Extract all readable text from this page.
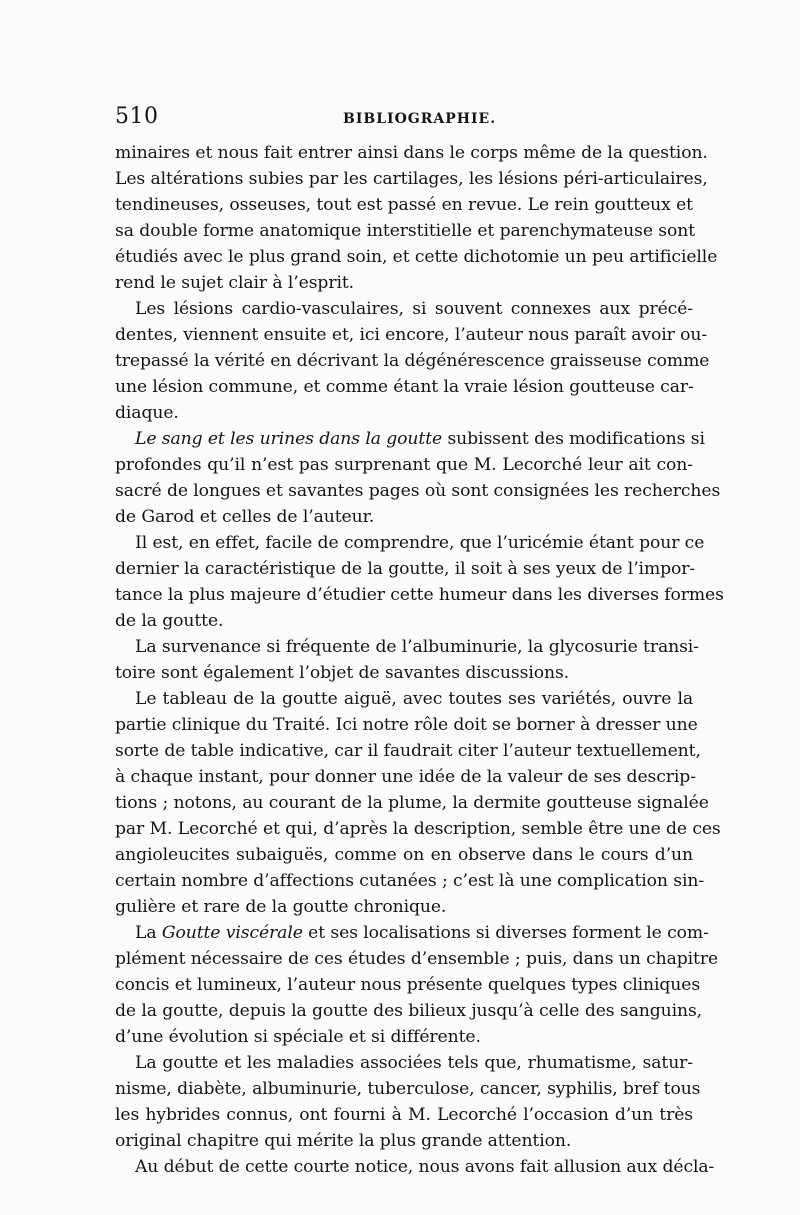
510	BIBLIOGRAPHIE.
minaires et nous fait entrer ainsi dans le corps même de la question.
Les altérations subies par les cartilages, les lésions péri-articulaires,
tendineuses, osseuses, tout est passé en revue. Le rein goutteux et
sa double forme anatomique interstitielle et parenchymateuse sont
étudiés avec le plus grand soin, et cette dichotomie un peu artificielle
rend le sujet clair à l’esprit.
Les lésions cardio-vasculaires, si souvent connexes aux précé-
dentes, viennent ensuite et, ici encore, l’auteur nous paraît avoir ou-
trepassé la vérité en décrivant la dégénérescence graisseuse comme
une lésion commune, et comme étant la vraie lésion goutteuse car-
diaque.
Le sang et les urines dans la goutte subissent des modifications si
profondes qu’il n’est pas surprenant que M. Lecorché leur ait con-
sacré de longues et savantes pages où sont consignées les recherches
de Garod et celles de l’auteur.
Il est, en effet, facile de comprendre, que l’uricémie étant pour ce
dernier la caractéristique de la goutte, il soit à ses yeux de l’impor-
tance la plus majeure d’étudier cette humeur dans les diverses formes
de la goutte.
La survenance si fréquente de l’albuminurie, la glycosurie transi-
toire sont également l’objet de savantes discussions.
Le tableau de la goutte aiguë, avec toutes ses variétés, ouvre la
partie clinique du Traité. Ici notre rôle doit se borner à dresser une
sorte de table indicative, car il faudrait citer l’auteur textuellement,
à chaque instant, pour donner une idée de la valeur de ses descrip-
tions ; notons, au courant de la plume, la dermite goutteuse signalée
par M. Lecorché et qui, d’après la description, semble être une de ces
angioleucites subaiguës, comme on en observe dans le cours d’un
certain nombre d’affections cutanées ; c’est là une complication sin-
gulière et rare de la goutte chronique.
La Goutte viscérale et ses localisations si diverses forment le com-
plément nécessaire de ces études d’ensemble ; puis, dans un chapitre
concis et lumineux, l’auteur nous présente quelques types cliniques
de la goutte, depuis la goutte des bilieux jusqu’à celle des sanguins,
d’une évolution si spéciale et si différente.
La goutte et les maladies associées tels que, rhumatisme, satur-
nisme, diabète, albuminurie, tuberculose, cancer, syphilis, bref tous
les hybrides connus, ont fourni à M. Lecorché l’occasion d’un très
original chapitre qui mérite la plus grande attention.
Au début de cette courte notice, nous avons fait allusion aux décla-
